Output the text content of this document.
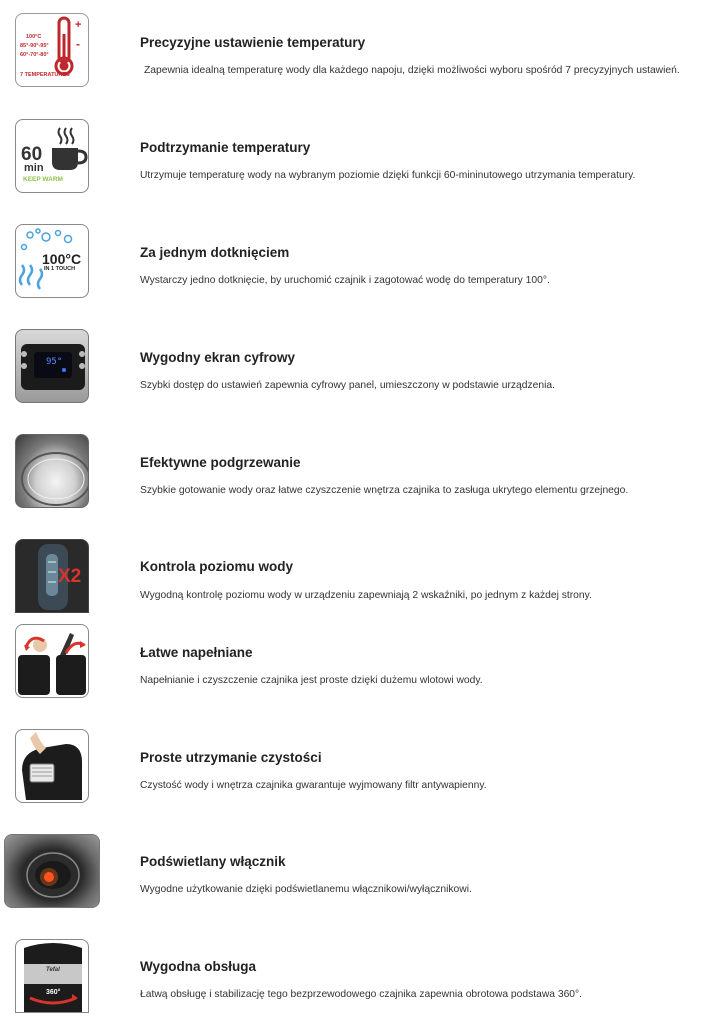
+
-
100°C
85°-90°-95°
60°-70°-80°
7 TEMPERATURES
Precyzyjne ustawienie temperatury
Zapewnia idealną temperaturę wody dla każdego napoju, dzięki możliwości wyboru spośród 7 precyzyjnych ustawień.
60
min
KEEP WARM
Podtrzymanie temperatury
Utrzymuje temperaturę wody na wybranym poziomie dzięki funkcji 60-mininutowego utrzymania temperatury.
100°C
IN 1 TOUCH
Za jednym dotknięciem
Wystarczy jedno dotknięcie, by uruchomić czajnik i zagotować wodę do temperatury 100°.
95°	Wygodny ekran cyfrowy
Szybki dostęp do ustawień zapewnia cyfrowy panel, umieszczony w podstawie urządzenia.
Efektywne podgrzewanie
Szybkie gotowanie wody oraz łatwe czyszczenie wnętrza czajnika to zasługa ukrytego elementu grzejnego.
X2	Kontrola poziomu wody
Wygodną kontrolę poziomu wody w urządzeniu zapewniają 2 wskaźniki, po jednym z każdej strony.
Łatwe napełniane
Napełnianie i czyszczenie czajnika jest proste dzięki dużemu wlotowi wody.
Proste utrzymanie czystości
Czystość wody i wnętrza czajnika gwarantuje wyjmowany filtr antywapienny.
Podświetlany włącznik
Wygodne użytkowanie dzięki podświetlanemu włącznikowi/wyłącznikowi.
Tefal
360°
Wygodna obsługa
Łatwą obsługę i stabilizację tego bezprzewodowego czajnika zapewnia obrotowa podstawa 360°.
